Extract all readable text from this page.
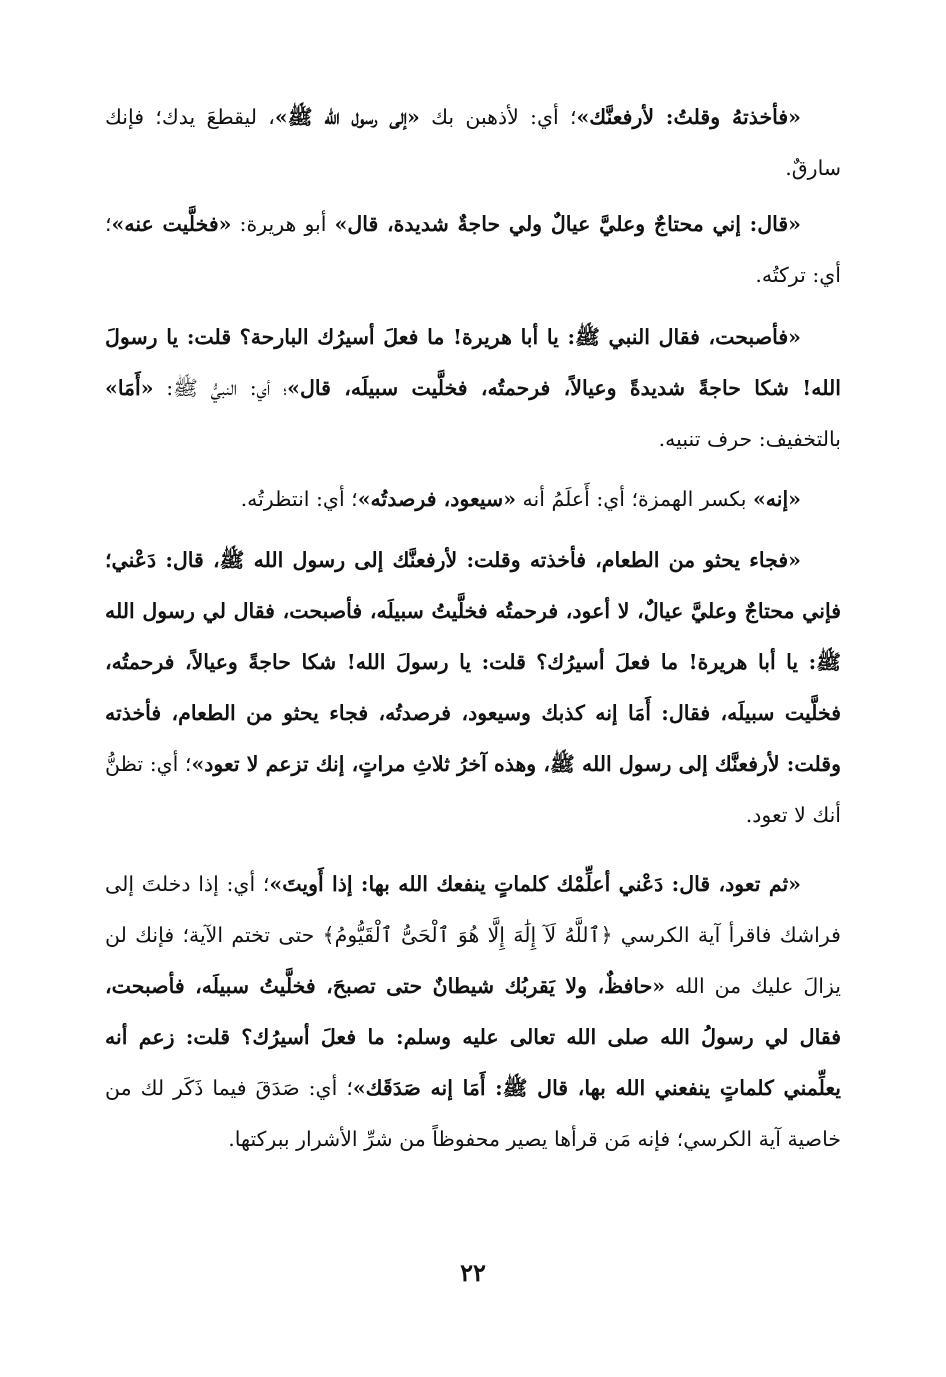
«فأخذتهُ وقلتُ: لأرفعنَّك»؛ أي: لأذهبن بك «إلى رسول الله ﷺ»، ليقطعَ يدك؛ فإنك سارقٌ.

«قال: إني محتاجٌ وعليَّ عيالٌ ولي حاجةٌ شديدة، قال» أبو هريرة: «فخلَّيت عنه»؛ أي: تركتُه.

«فأصبحت، فقال النبي ﷺ: يا أبا هريرة! ما فعلَ أسيرُك البارحة؟ قلت: يا رسولَ الله! شكا حاجةً شديدةً وعيالاً، فرحمتُه، فخلَّيت سبيلَه، قال»؛ أي: النبيُّ ﷺ: «أَمَا» بالتخفيف: حرف تنبيه.

«إنه» بكسر الهمزة؛ أي: أَعلَمُ أنه «سيعود، فرصدتُه»؛ أي: انتظرتُه.

«فجاء يحثو من الطعام، فأخذته وقلت: لأرفعنَّك إلى رسول الله ﷺ، قال: دَعْني؛ فإني محتاجٌ وعليَّ عيالٌ، لا أعود، فرحمتُه فخلَّيتُ سبيلَه، فأصبحت، فقال لي رسول الله ﷺ: يا أبا هريرة! ما فعلَ أسيرُك؟ قلت: يا رسولَ الله! شكا حاجةً وعيالاً، فرحمتُه، فخلَّيت سبيلَه، فقال: أَمَا إنه كذبك وسيعود، فرصدتُه، فجاء يحثو من الطعام، فأخذته وقلت: لأرفعنَّك إلى رسول الله ﷺ، وهذه آخرُ ثلاثِ مراتٍ، إنك تزعم لا تعود»؛ أي: تظنُّ أنك لا تعود.

«ثم تعود، قال: دَعْني أعلِّمْك كلماتٍ ينفعك الله بها: إذا أَويتَ»؛ أي: إذا دخلتَ إلى فراشك فاقرأ آية الكرسي ﴿ٱللَّهُ لَآ إِلَٰهَ إِلَّا هُوَ ٱلْحَىُّ ٱلْقَيُّومُ﴾ حتى تختم الآية؛ فإنك لن يزالَ عليك من الله «حافظٌ، ولا يَقربُك شيطانٌ حتى تصبحَ، فخلَّيتُ سبيلَه، فأصبحت، فقال لي رسولُ الله صلى الله تعالى عليه وسلم: ما فعلَ أسيرُك؟ قلت: زعم أنه يعلِّمني كلماتٍ ينفعني الله بها، قال ﷺ: أَمَا إنه صَدَقَك»؛ أي: صَدَقَ فيما ذَكَر لك من خاصية آية الكرسي؛ فإنه مَن قرأها يصير محفوظاً من شرِّ الأشرار ببركتها.

٢٢
